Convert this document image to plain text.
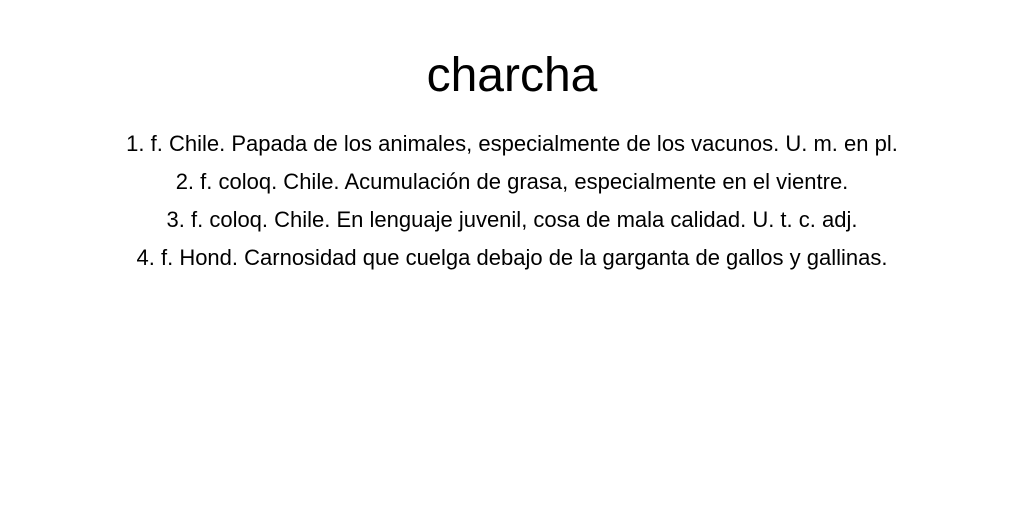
charcha
1. f. Chile. Papada de los animales, especialmente de los vacunos. U. m. en pl.
2. f. coloq. Chile. Acumulación de grasa, especialmente en el vientre.
3. f. coloq. Chile. En lenguaje juvenil, cosa de mala calidad. U. t. c. adj.
4. f. Hond. Carnosidad que cuelga debajo de la garganta de gallos y gallinas.
